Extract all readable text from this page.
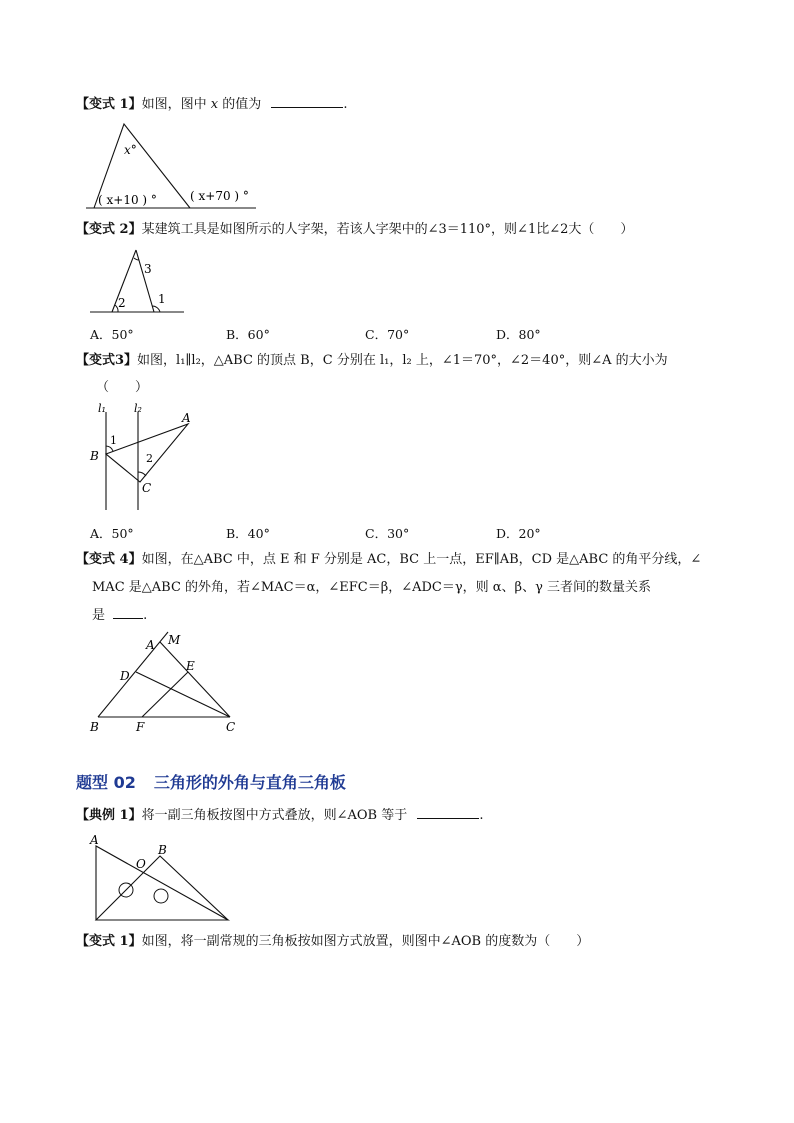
【变式 1】如图，图中 x 的值为	.
x°
( x+10 ) °	( x+70 ) °
【变式 2】某建筑工具是如图所示的人字架，若该人字架中的∠3＝110°，则∠1比∠2大（　　）
3
2	1
A．50°	B．60°	C．70°	D．80°
【变式3】如图，l₁∥l₂，△ABC 的顶点 B，C 分别在 l₁，l₂ 上，∠1＝70°，∠2＝40°，则∠A 的大小为
（　　）
l₁	l₂
A
B
C
1
2
A．50°	B．40°	C．30°	D．20°
【变式 4】如图，在△ABC 中，点 E 和 F 分别是 AC，BC 上一点，EF∥AB，CD 是△ABC 的角平分线，∠
MAC 是△ABC 的外角，若∠MAC＝α，∠EFC＝β，∠ADC＝γ，则 α、β、γ 三者间的数量关系
是	.
A M
D
E
B	F	C
题型 02 三角形的外角与直角三角板
【典例 1】将一副三角板按图中方式叠放，则∠AOB 等于	.
A
O
B
【变式 1】如图，将一副常规的三角板按如图方式放置，则图中∠AOB 的度数为（　　）
